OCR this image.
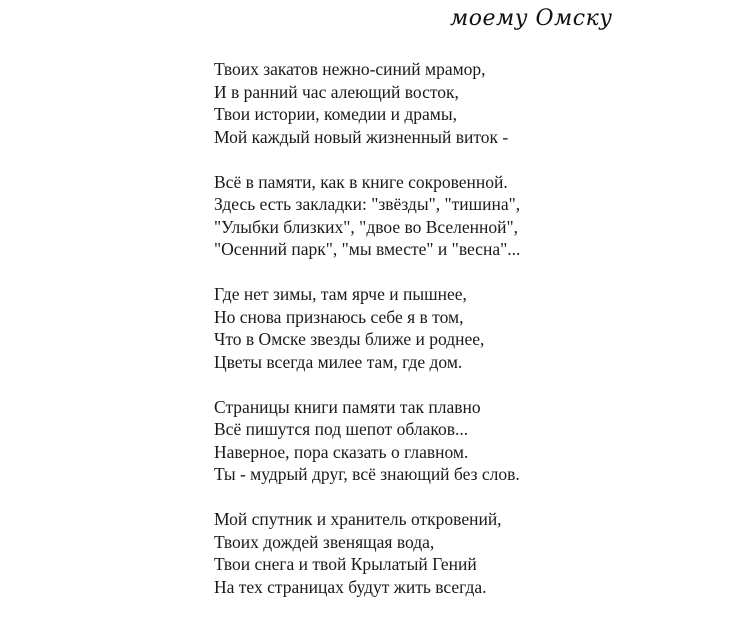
моему Омску
Твоих закатов нежно-синий мрамор,
И в ранний час алеющий восток,
Твои истории, комедии и драмы,
Мой каждый новый жизненный виток -
Всё в памяти, как в книге сокровенной.
Здесь есть закладки: "звёзды", "тишина",
"Улыбки близких", "двое во Вселенной",
"Осенний парк", "мы вместе" и "весна"...
Где нет зимы, там ярче и пышнее,
Но снова признаюсь себе я в том,
Что в Омске звезды ближе и роднее,
Цветы всегда милее там, где дом.
Страницы книги памяти так плавно
Всё пишутся под шепот облаков...
Наверное, пора сказать о главном.
Ты - мудрый друг, всё знающий без слов.
Мой спутник и хранитель откровений,
Твоих дождей звенящая вода,
Твои снега и твой Крылатый Гений
На тех страницах будут жить всегда.
